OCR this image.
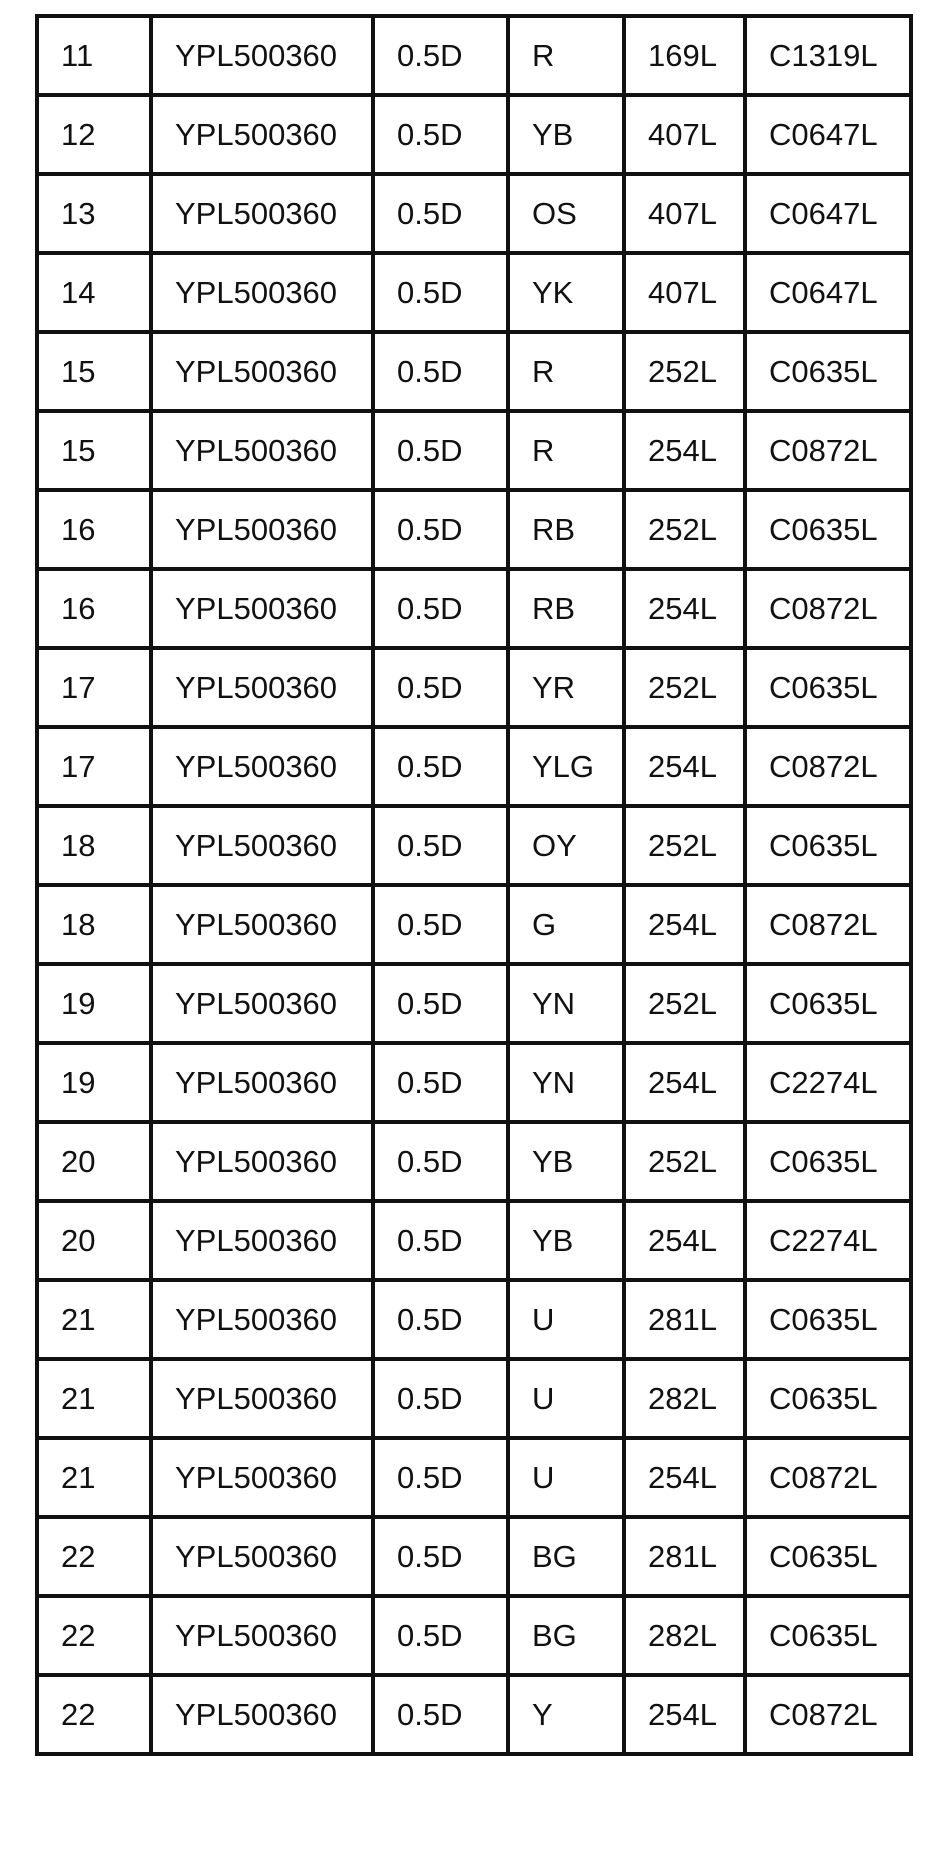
11	YPL500360	0.5D	R	169L	C1319L
12	YPL500360	0.5D	YB	407L	C0647L
13	YPL500360	0.5D	OS	407L	C0647L
14	YPL500360	0.5D	YK	407L	C0647L
15	YPL500360	0.5D	R	252L	C0635L
15	YPL500360	0.5D	R	254L	C0872L
16	YPL500360	0.5D	RB	252L	C0635L
16	YPL500360	0.5D	RB	254L	C0872L
17	YPL500360	0.5D	YR	252L	C0635L
17	YPL500360	0.5D	YLG	254L	C0872L
18	YPL500360	0.5D	OY	252L	C0635L
18	YPL500360	0.5D	G	254L	C0872L
19	YPL500360	0.5D	YN	252L	C0635L
19	YPL500360	0.5D	YN	254L	C2274L
20	YPL500360	0.5D	YB	252L	C0635L
20	YPL500360	0.5D	YB	254L	C2274L
21	YPL500360	0.5D	U	281L	C0635L
21	YPL500360	0.5D	U	282L	C0635L
21	YPL500360	0.5D	U	254L	C0872L
22	YPL500360	0.5D	BG	281L	C0635L
22	YPL500360	0.5D	BG	282L	C0635L
22	YPL500360	0.5D	Y	254L	C0872L
